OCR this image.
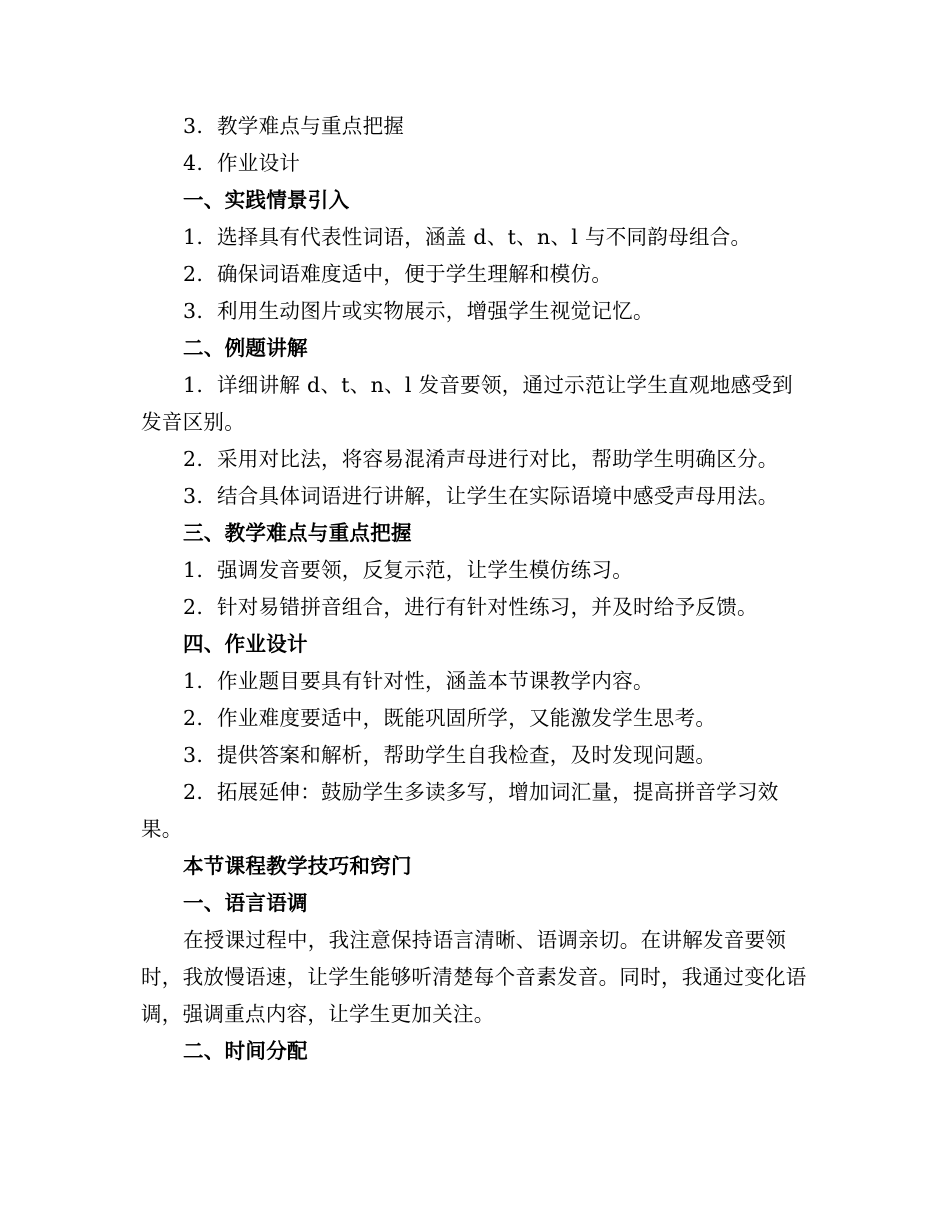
3. 教学难点与重点把握
4. 作业设计
一、实践情景引入
1. 选择具有代表性词语，涵盖 d、t、n、l 与不同韵母组合。
2. 确保词语难度适中，便于学生理解和模仿。
3. 利用生动图片或实物展示，增强学生视觉记忆。
二、例题讲解
1. 详细讲解 d、t、n、l 发音要领，通过示范让学生直观地感受到发音区别。
2. 采用对比法，将容易混淆声母进行对比，帮助学生明确区分。
3. 结合具体词语进行讲解，让学生在实际语境中感受声母用法。
三、教学难点与重点把握
1. 强调发音要领，反复示范，让学生模仿练习。
2. 针对易错拼音组合，进行有针对性练习，并及时给予反馈。
四、作业设计
1. 作业题目要具有针对性，涵盖本节课教学内容。
2. 作业难度要适中，既能巩固所学，又能激发学生思考。
3. 提供答案和解析，帮助学生自我检查，及时发现问题。
2. 拓展延伸：鼓励学生多读多写，增加词汇量，提高拼音学习效果。
本节课程教学技巧和窍门
一、语言语调
在授课过程中，我注意保持语言清晰、语调亲切。在讲解发音要领时，我放慢语速，让学生能够听清楚每个音素发音。同时，我通过变化语调，强调重点内容，让学生更加关注。
二、时间分配
